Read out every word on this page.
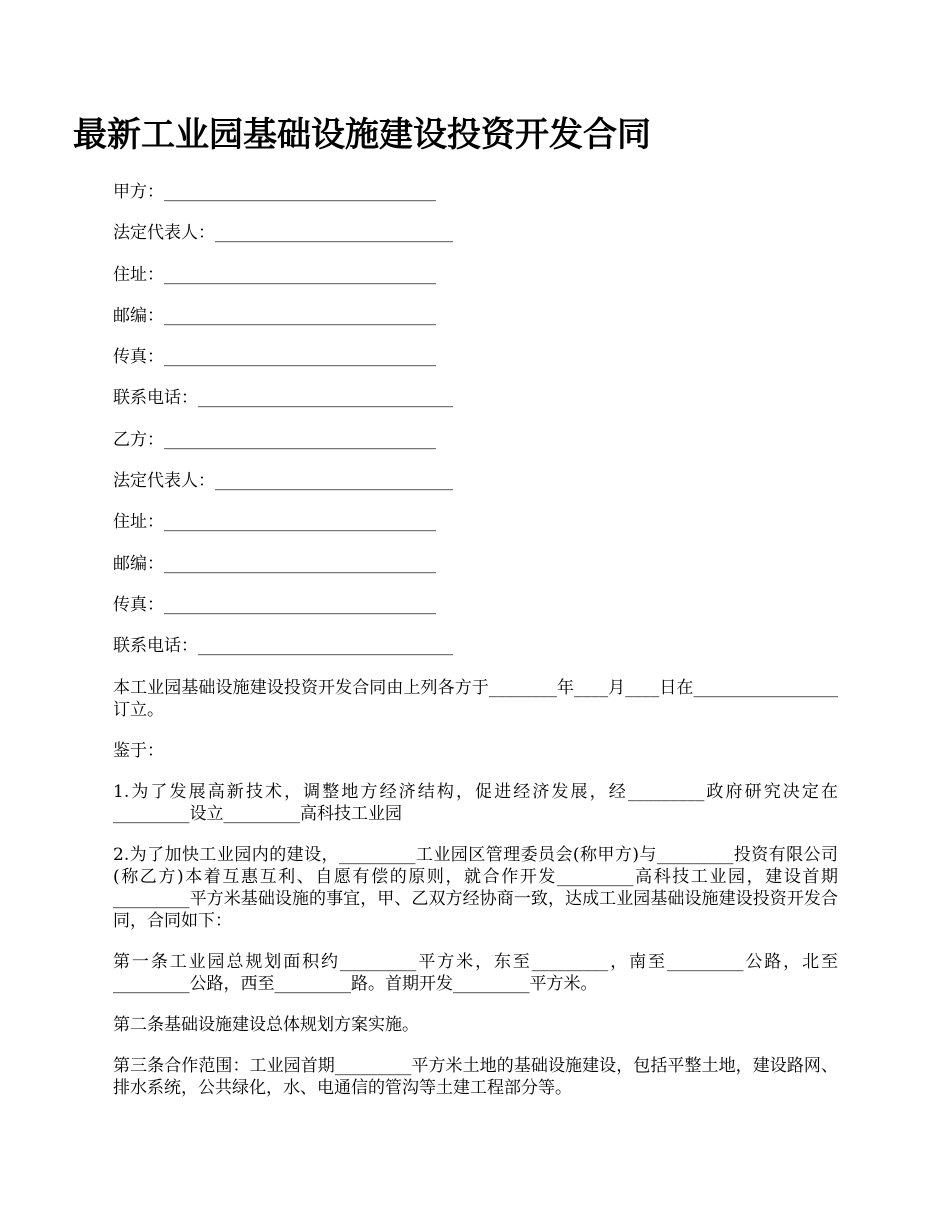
最新工业园基础设施建设投资开发合同
甲方：________________________________
法定代表人：____________________________
住址：________________________________
邮编：________________________________
传真：________________________________
联系电话：______________________________
乙方：________________________________
法定代表人：____________________________
住址：________________________________
邮编：________________________________
传真：________________________________
联系电话：______________________________

本工业园基础设施建设投资开发合同由上列各方于________年____月____日在_________________订立。

鉴于：

1.为了发展高新技术，调整地方经济结构，促进经济发展，经_________政府研究决定在_________设立_________高科技工业园

2.为了加快工业园内的建设，_________工业园区管理委员会(称甲方)与_________投资有限公司(称乙方)本着互惠互利、自愿有偿的原则，就合作开发_________高科技工业园，建设首期_________平方米基础设施的事宜，甲、乙双方经协商一致，达成工业园基础设施建设投资开发合同，合同如下：

第一条工业园总规划面积约_________平方米，东至_________，南至_________公路，北至_________公路，西至_________路。首期开发_________平方米。

第二条基础设施建设总体规划方案实施。

第三条合作范围：工业园首期_________平方米土地的基础设施建设，包括平整土地，建设路网、排水系统，公共绿化，水、电通信的管沟等土建工程部分等。
